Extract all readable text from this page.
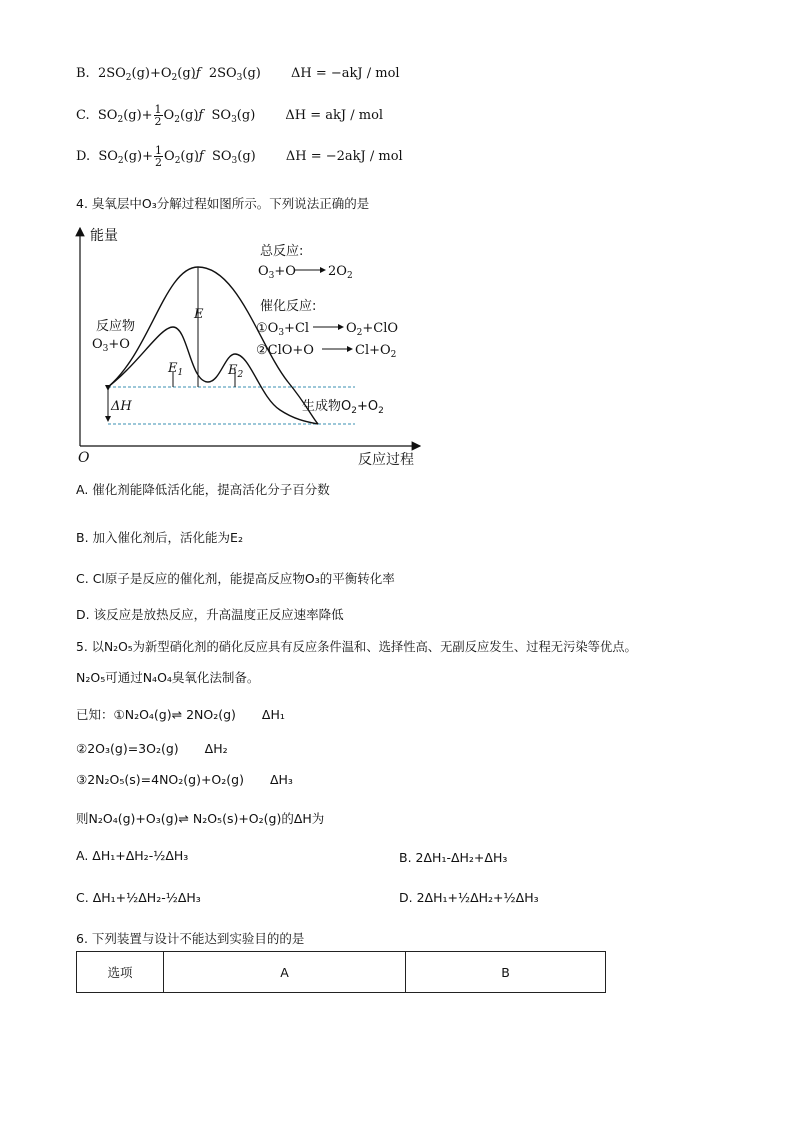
B.  $2SO_2(g)+O_2(g)ƒ$  $2SO_3(g) \Delta H = -akJ$ / mol
C.  $SO_2(g)+ \frac{1}{2}$ $O_2(g)ƒ$  $SO_3(g) \Delta H$ = akJ / mol
D.  $SO_2(g)+ \frac{1}{2}$ $O_2(g)ƒ$  $SO_3(g) \Delta H = -2akJ$ / mol
4. 臭氧层中O₃分解过程如图所示。下列说法正确的是
能量
反应过程
O
E
$E_1$	$E_2$
ΔH
反应物
$O_3+O$
生成物$O_2+O_2$
总反应:
$O_3+O$ $2O_2$
催化反应:
$①O_3+Cl$	$O_2+ClO$
②ClO+O	$Cl+O_2$
A. 催化剂能降低活化能，提高活化分子百分数
B. 加入催化剂后，活化能为E₂
C. Cl原子是反应的催化剂，能提高反应物O₃的平衡转化率
D. 该反应是放热反应，升高温度正反应速率降低
5. 以N₂O₅为新型硝化剂的硝化反应具有反应条件温和、选择性高、无副反应发生、过程无污染等优点。
N₂O₅可通过N₄O₄臭氧化法制备。
已知：①N₂O₄(g)⇌ 2NO₂(g) ΔH₁
②2O₃(g)=3O₂(g) ΔH₂
③2N₂O₅(s)=4NO₂(g)+O₂(g) ΔH₃
则N₂O₄(g)+O₃(g)⇌ N₂O₅(s)+O₂(g)的ΔH为
A. ΔH₁+ΔH₂-½ΔH₃	B. 2ΔH₁-ΔH₂+ΔH₃
C. ΔH₁+½ΔH₂-½ΔH₃	D. 2ΔH₁+½ΔH₂+½ΔH₃
6. 下列装置与设计不能达到实验目的的是
选项	A	B
